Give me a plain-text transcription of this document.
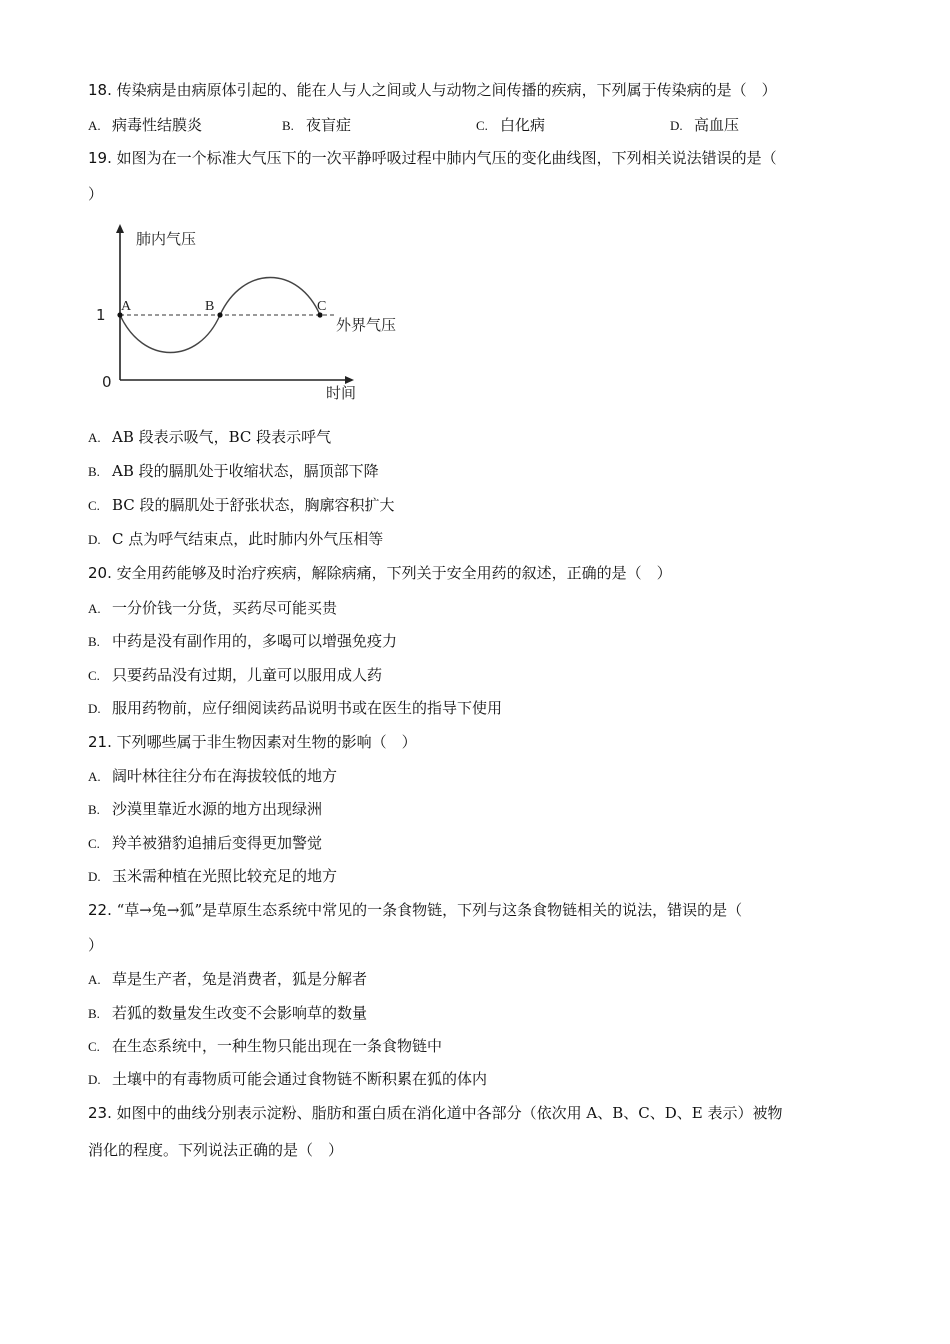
18. 传染病是由病原体引起的、能在人与人之间或人与动物之间传播的疾病，下列属于传染病的是（　）
A. 病毒性结膜炎	B. 夜盲症	C. 白化病	D. 高血压
19. 如图为在一个标准大气压下的一次平静呼吸过程中肺内气压的变化曲线图，下列相关说法错误的是（
）
肺内气压
时间
1
0
外界气压
A	B	C
A. AB 段表示吸气，BC 段表示呼气
B. AB 段的膈肌处于收缩状态，膈顶部下降
C. BC 段的膈肌处于舒张状态，胸廓容积扩大
D. C 点为呼气结束点，此时肺内外气压相等
20. 安全用药能够及时治疗疾病，解除病痛，下列关于安全用药的叙述，正确的是（　）
A. 一分价钱一分货，买药尽可能买贵
B. 中药是没有副作用的，多喝可以增强免疫力
C. 只要药品没有过期，儿童可以服用成人药
D. 服用药物前，应仔细阅读药品说明书或在医生的指导下使用
21. 下列哪些属于非生物因素对生物的影响（　）
A. 阔叶林往往分布在海拔较低的地方
B. 沙漠里靠近水源的地方出现绿洲
C. 羚羊被猎豹追捕后变得更加警觉
D. 玉米需种植在光照比较充足的地方
22. “草→兔→狐”是草原生态系统中常见的一条食物链，下列与这条食物链相关的说法，错误的是（
）
A. 草是生产者，兔是消费者，狐是分解者
B. 若狐的数量发生改变不会影响草的数量
C. 在生态系统中，一种生物只能出现在一条食物链中
D. 土壤中的有毒物质可能会通过食物链不断积累在狐的体内
23. 如图中的曲线分别表示淀粉、脂肪和蛋白质在消化道中各部分（依次用 A、B、C、D、E 表示）被物
消化的程度。下列说法正确的是（　）
